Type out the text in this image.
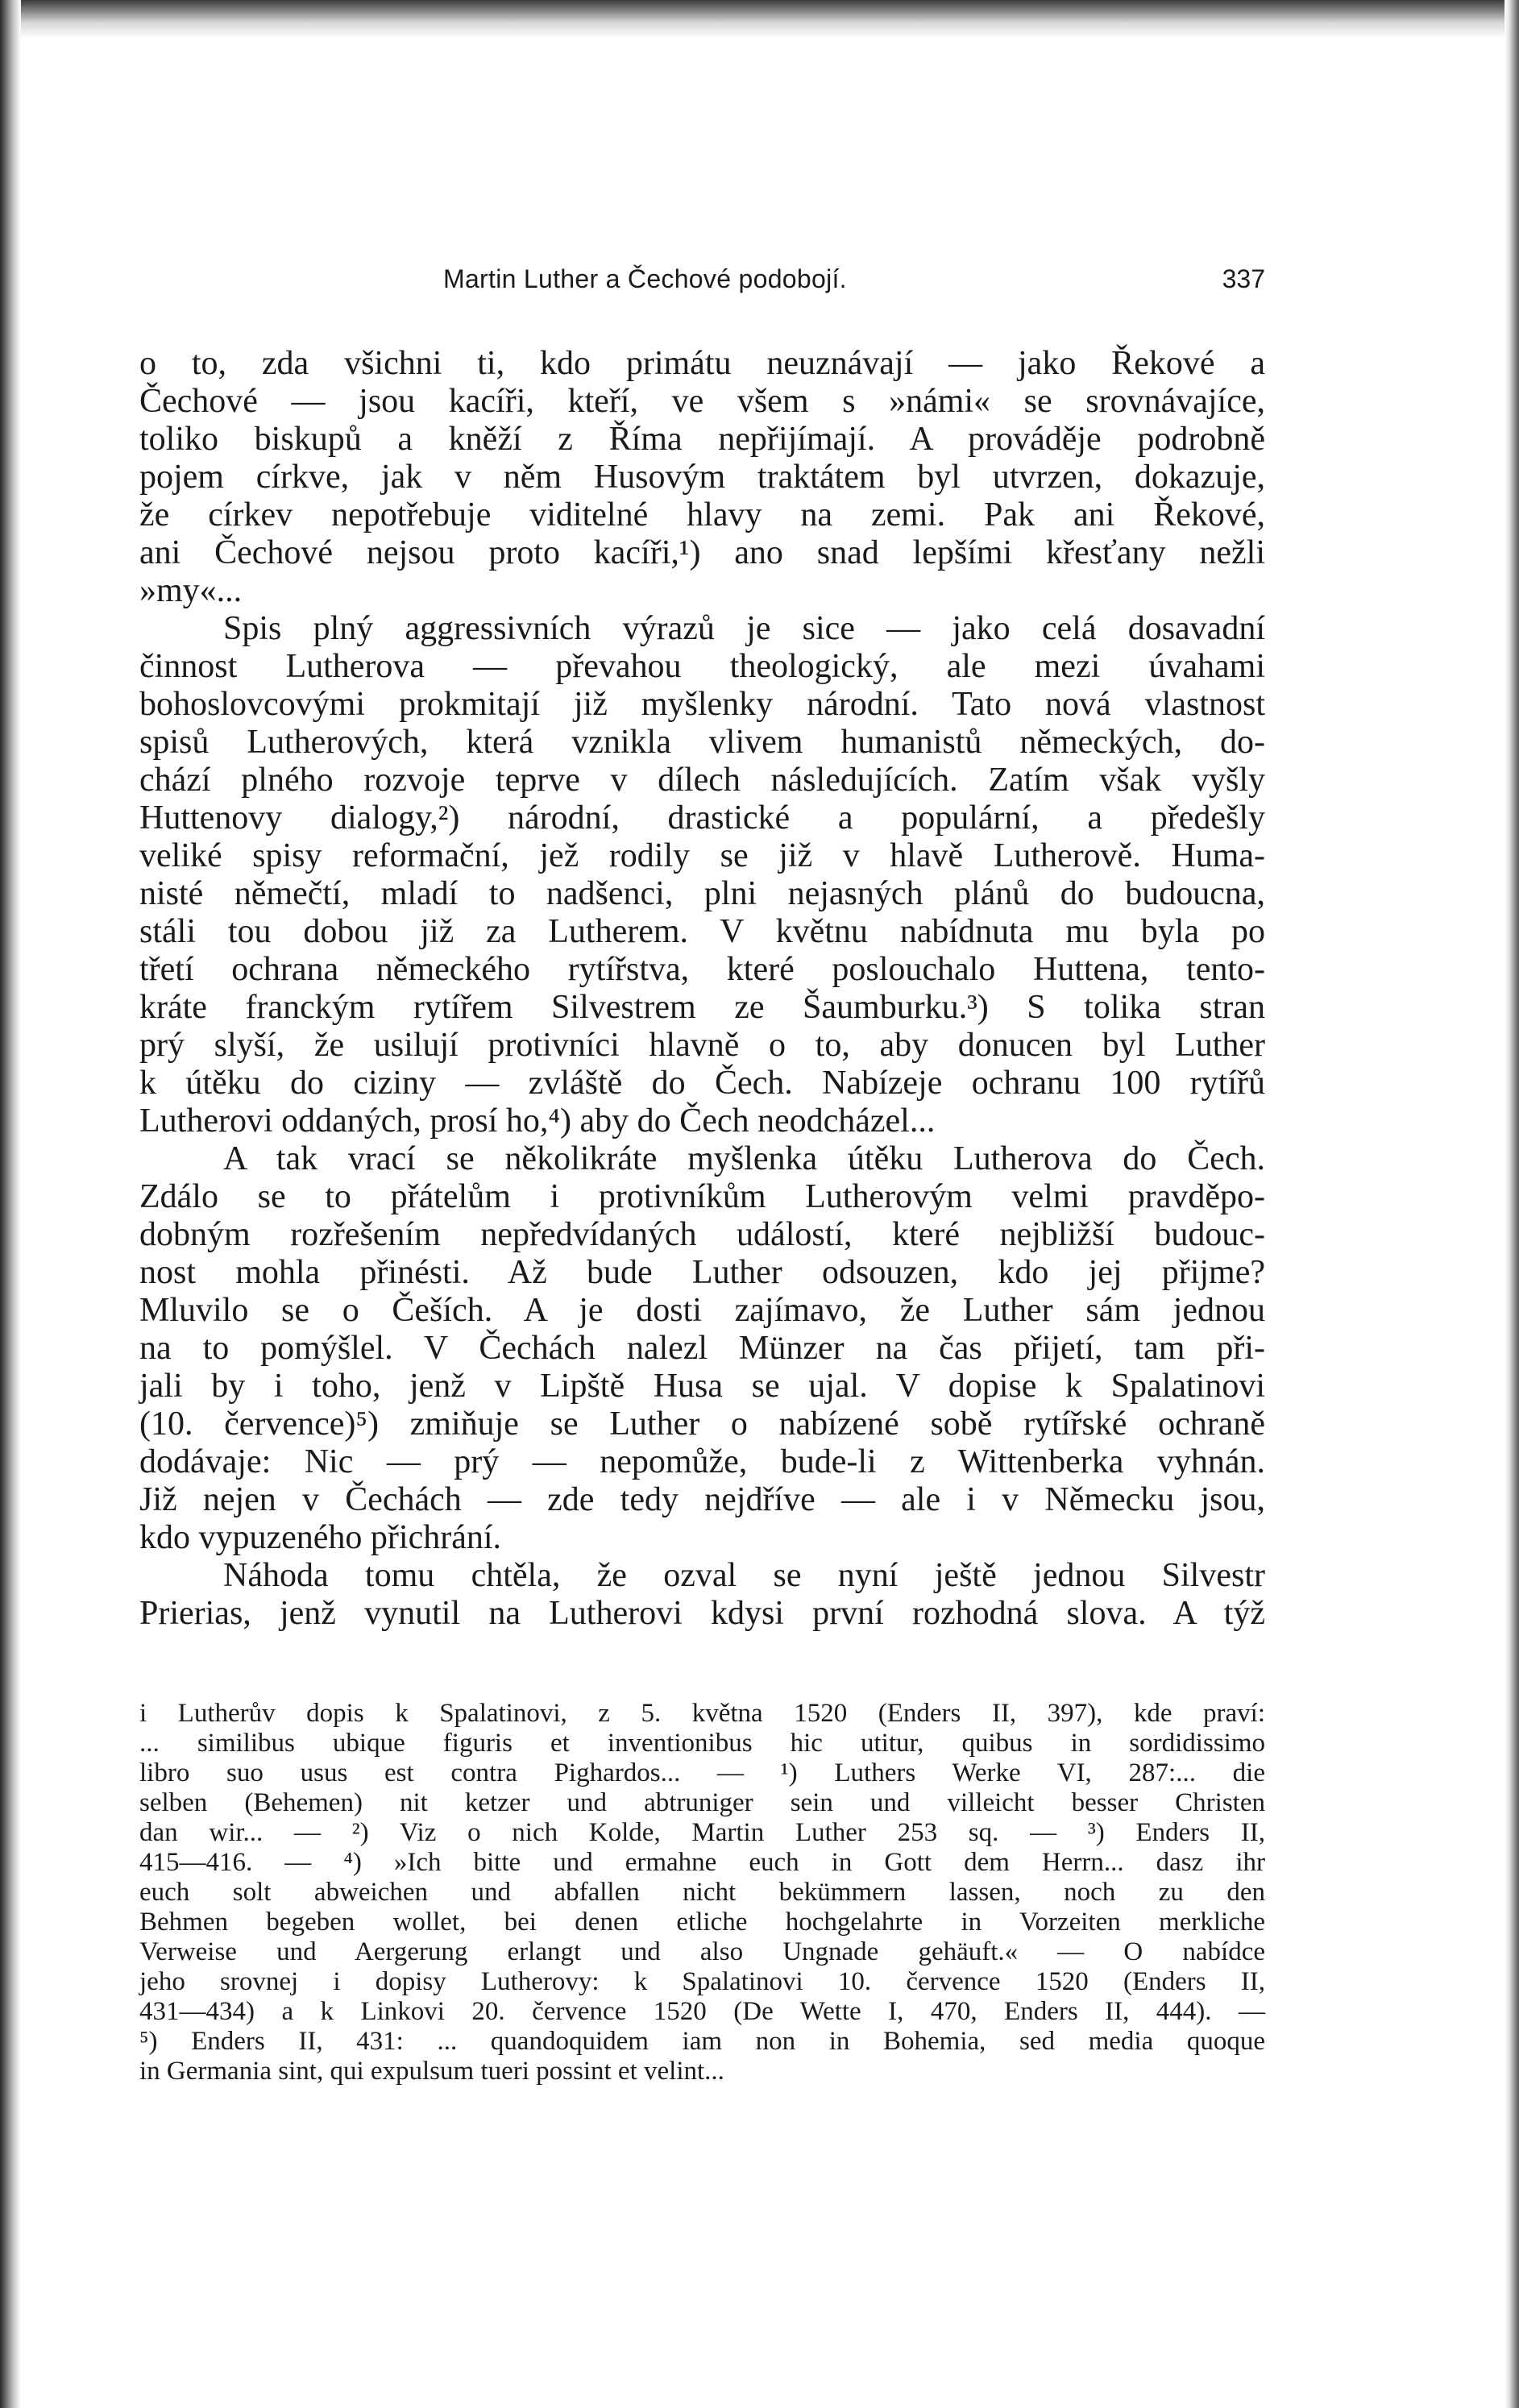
Martin Luther a Čechové podobojí.	337
o to, zda všichni ti, kdo primátu neuznávají — jako Řekové a
Čechové — jsou kacíři, kteří, ve všem s »námi« se srovnávajíce,
toliko biskupů a kněží z Říma nepřijímají. A prováděje podrobně
pojem církve, jak v něm Husovým traktátem byl utvrzen, dokazuje,
že církev nepotřebuje viditelné hlavy na zemi. Pak ani Řekové,
ani Čechové nejsou proto kacíři,¹) ano snad lepšími křesťany nežli
»my«...
Spis plný aggressivních výrazů je sice — jako celá dosavadní
činnost Lutherova — převahou theologický, ale mezi úvahami
bohoslovcovými prokmitají již myšlenky národní. Tato nová vlastnost
spisů Lutherových, která vznikla vlivem humanistů německých, do-
chází plného rozvoje teprve v dílech následujících. Zatím však vyšly
Huttenovy dialogy,²) národní, drastické a populární, a předešly
veliké spisy reformační, jež rodily se již v hlavě Lutherově. Huma-
nisté němečtí, mladí to nadšenci, plni nejasných plánů do budoucna,
stáli tou dobou již za Lutherem. V květnu nabídnuta mu byla po
třetí ochrana německého rytířstva, které poslouchalo Huttena, tento-
kráte franckým rytířem Silvestrem ze Šaumburku.³) S tolika stran
prý slyší, že usilují protivníci hlavně o to, aby donucen byl Luther
k útěku do ciziny — zvláště do Čech. Nabízeje ochranu 100 rytířů
Lutherovi oddaných, prosí ho,⁴) aby do Čech neodcházel...
A tak vrací se několikráte myšlenka útěku Lutherova do Čech.
Zdálo se to přátelům i protivníkům Lutherovým velmi pravděpo-
dobným rozřešením nepředvídaných událostí, které nejbližší budouc-
nost mohla přinésti. Až bude Luther odsouzen, kdo jej přijme?
Mluvilo se o Češích. A je dosti zajímavo, že Luther sám jednou
na to pomýšlel. V Čechách nalezl Münzer na čas přijetí, tam při-
jali by i toho, jenž v Lipště Husa se ujal. V dopise k Spalatinovi
(10. července)⁵) zmiňuje se Luther o nabízené sobě rytířské ochraně
dodávaje: Nic — prý — nepomůže, bude-li z Wittenberka vyhnán.
Již nejen v Čechách — zde tedy nejdříve — ale i v Německu jsou,
kdo vypuzeného přichrání.
Náhoda tomu chtěla, že ozval se nyní ještě jednou Silvestr
Prierias, jenž vynutil na Lutherovi kdysi první rozhodná slova. A týž
i Lutherův dopis k Spalatinovi, z 5. května 1520 (Enders II, 397), kde praví:
... similibus ubique figuris et inventionibus hic utitur, quibus in sordidissimo
libro suo usus est contra Pighardos... — ¹) Luthers Werke VI, 287:... die
selben (Behemen) nit ketzer und abtruniger sein und villeicht besser Christen
dan wir... — ²) Viz o nich Kolde, Martin Luther 253 sq. — ³) Enders II,
415—416. — ⁴) »Ich bitte und ermahne euch in Gott dem Herrn... dasz ihr
euch solt abweichen und abfallen nicht bekümmern lassen, noch zu den
Behmen begeben wollet, bei denen etliche hochgelahrte in Vorzeiten merkliche
Verweise und Aergerung erlangt und also Ungnade gehäuft.« — O nabídce
jeho srovnej i dopisy Lutherovy: k Spalatinovi 10. července 1520 (Enders II,
431—434) a k Linkovi 20. července 1520 (De Wette I, 470, Enders II, 444). —
⁵) Enders II, 431: ... quandoquidem iam non in Bohemia, sed media quoque
in Germania sint, qui expulsum tueri possint et velint...
